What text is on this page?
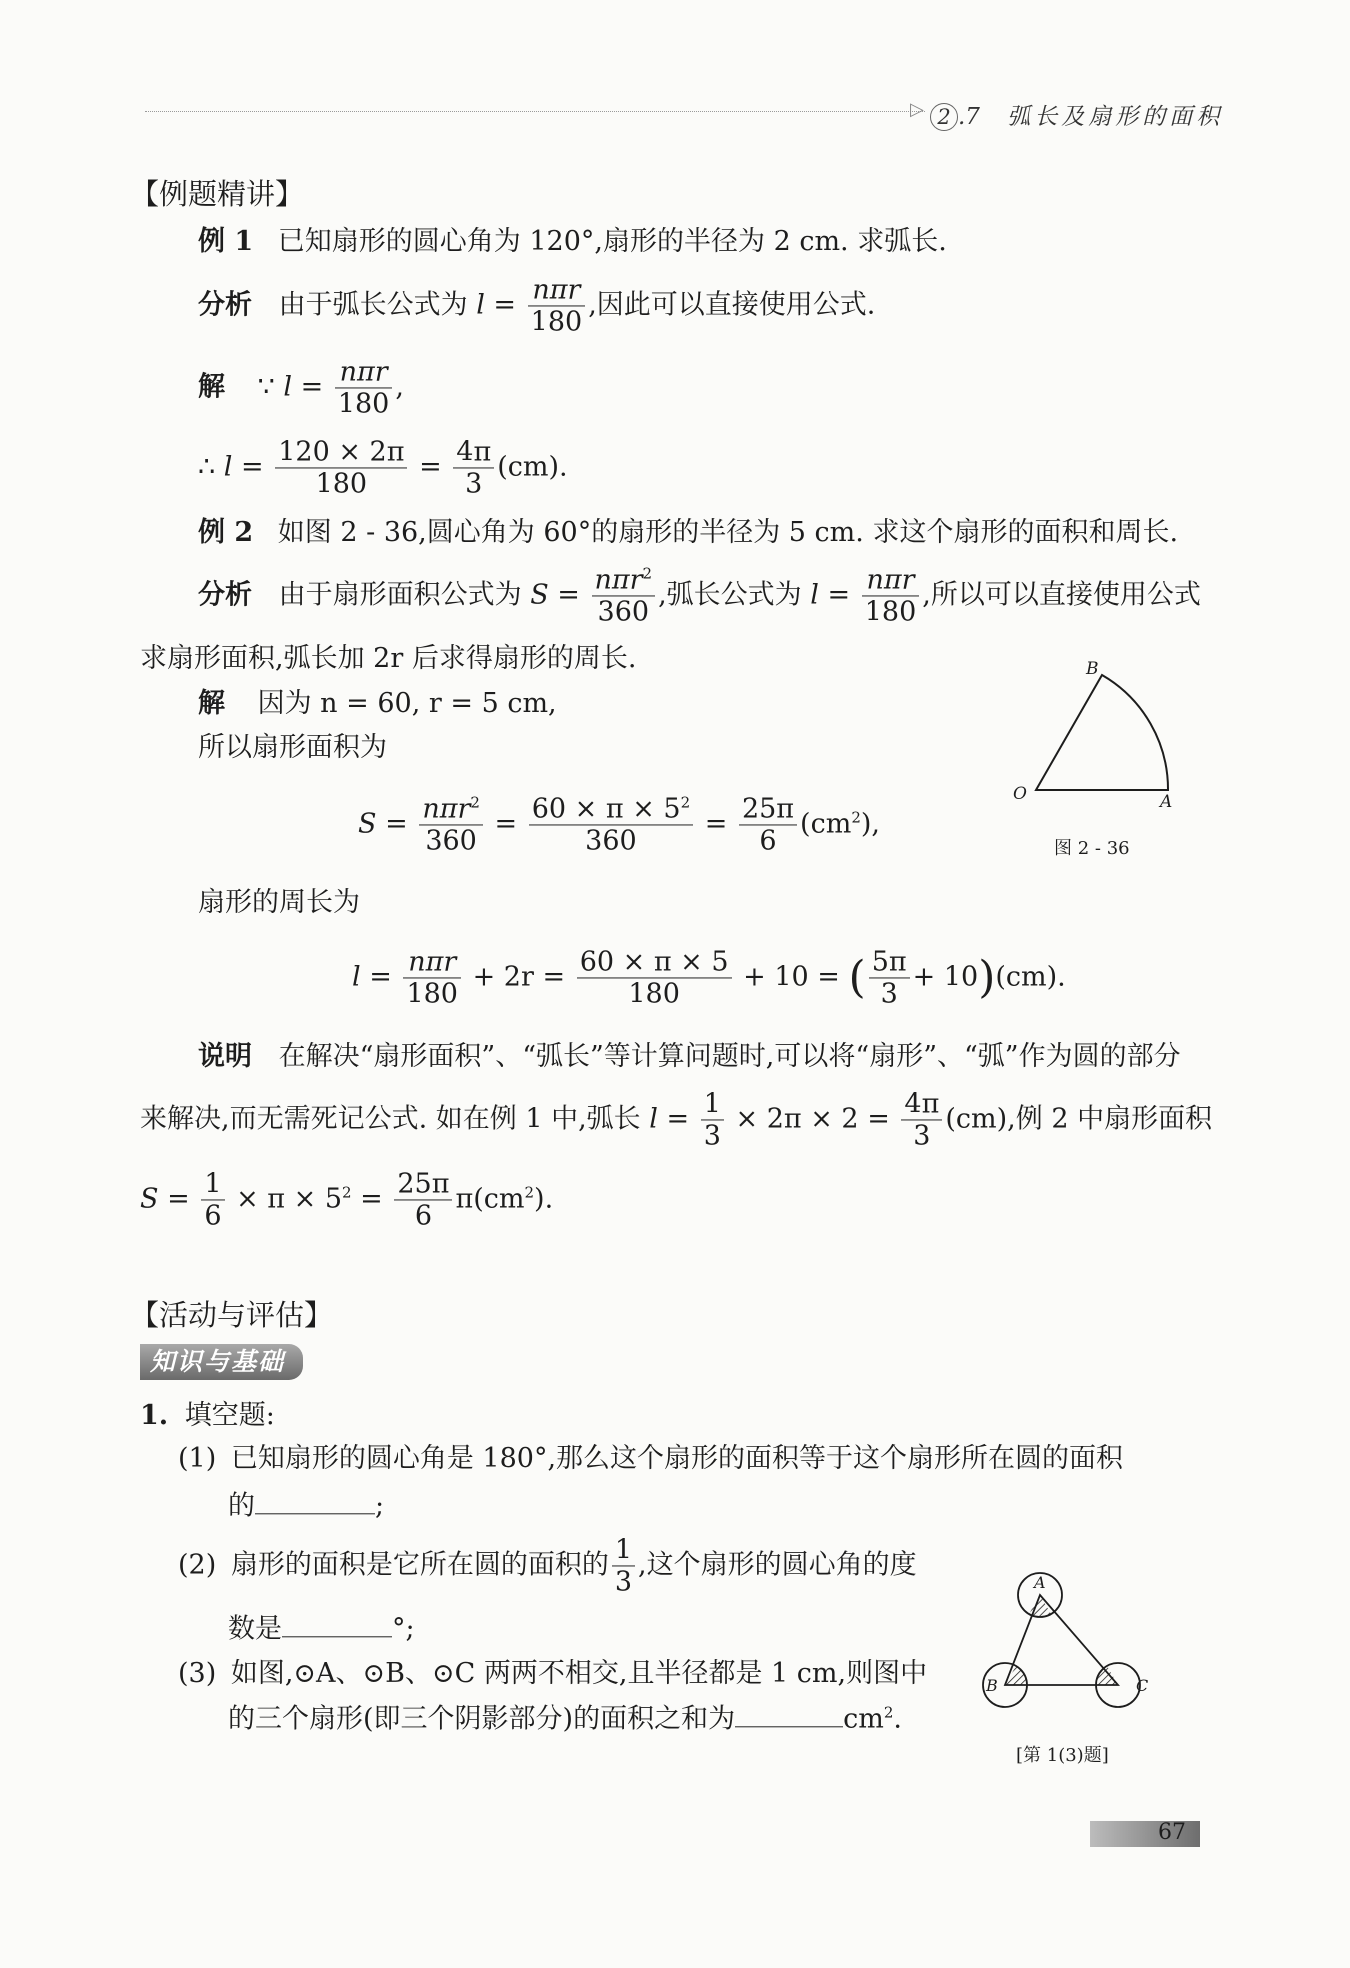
▷ 2 .7 弧长及扇形的面积
【例题精讲】
例 1 已知扇形的圆心角为 120°,扇形的半径为 2 cm. 求弧长.
分析 由于弧长公式为 $l = \frac{\text{nπr}}{180}$ ,因此可以直接使用公式.
解 ∵ $l = \frac{\text{nπr}}{180}$ ,
∴ $l = \frac{120 \times 2\pi}{180} = \frac{4\pi}{3} (cm)$.
例 2 如图 2 - 36,圆心角为 60°的扇形的半径为 5 cm. 求这个扇形的面积和周长.
分析 由于扇形面积公式为 $S = \frac{n\pi r^2}{360}$ ,弧长公式为 $l = \frac{\text{nπr}}{180}$ ,所以可以直接使用公式
求扇形面积,弧长加 2r 后求得扇形的周长.
解 因为 n = 60, r = 5 cm,
所以扇形面积为
$S = \frac{n\pi r^2}{360} = \frac{60 \times \pi \times 5^2}{360} = \frac{25\pi}{6} (cm^2)$,
扇形的周长为
$l = \frac{\text{nπr}}{180} + 2r = \frac{60 \times \pi \times 5}{180} + 10$ = ( $\frac{5\pi}{3} + 10)(cm)$.
说明 在解决“扇形面积”、“弧长”等计算问题时,可以将“扇形”、“弧”作为圆的部分
来解决,而无需死记公式. 如在例 1 中,弧长 $l = \frac{1}{3} \times 2\pi \times 2 = \frac{4\pi}{3} (cm)$,例 2 中扇形面积
$S = \frac{1}{6} \times \pi \times 5^2 = \frac{25\pi}{6} \pi(cm^2)$.
【活动与评估】
知识与基础
1. 填空题:
(1) 已知扇形的圆心角是 180°,那么这个扇形的面积等于这个扇形所在圆的面积
的	;
(2) 扇形的面积是它所在圆的面积的 $\frac{1}{3}$ ,这个扇形的圆心角的度
数是	°;
(3) 如图,⊙A、⊙B、⊙C 两两不相交,且半径都是 1 cm,则图中
的三个扇形(即三个阴影部分)的面积之和为	$cm^2$.
O	A
B
图 2 - 36
A
B	C
[第 1(3)题]
67
